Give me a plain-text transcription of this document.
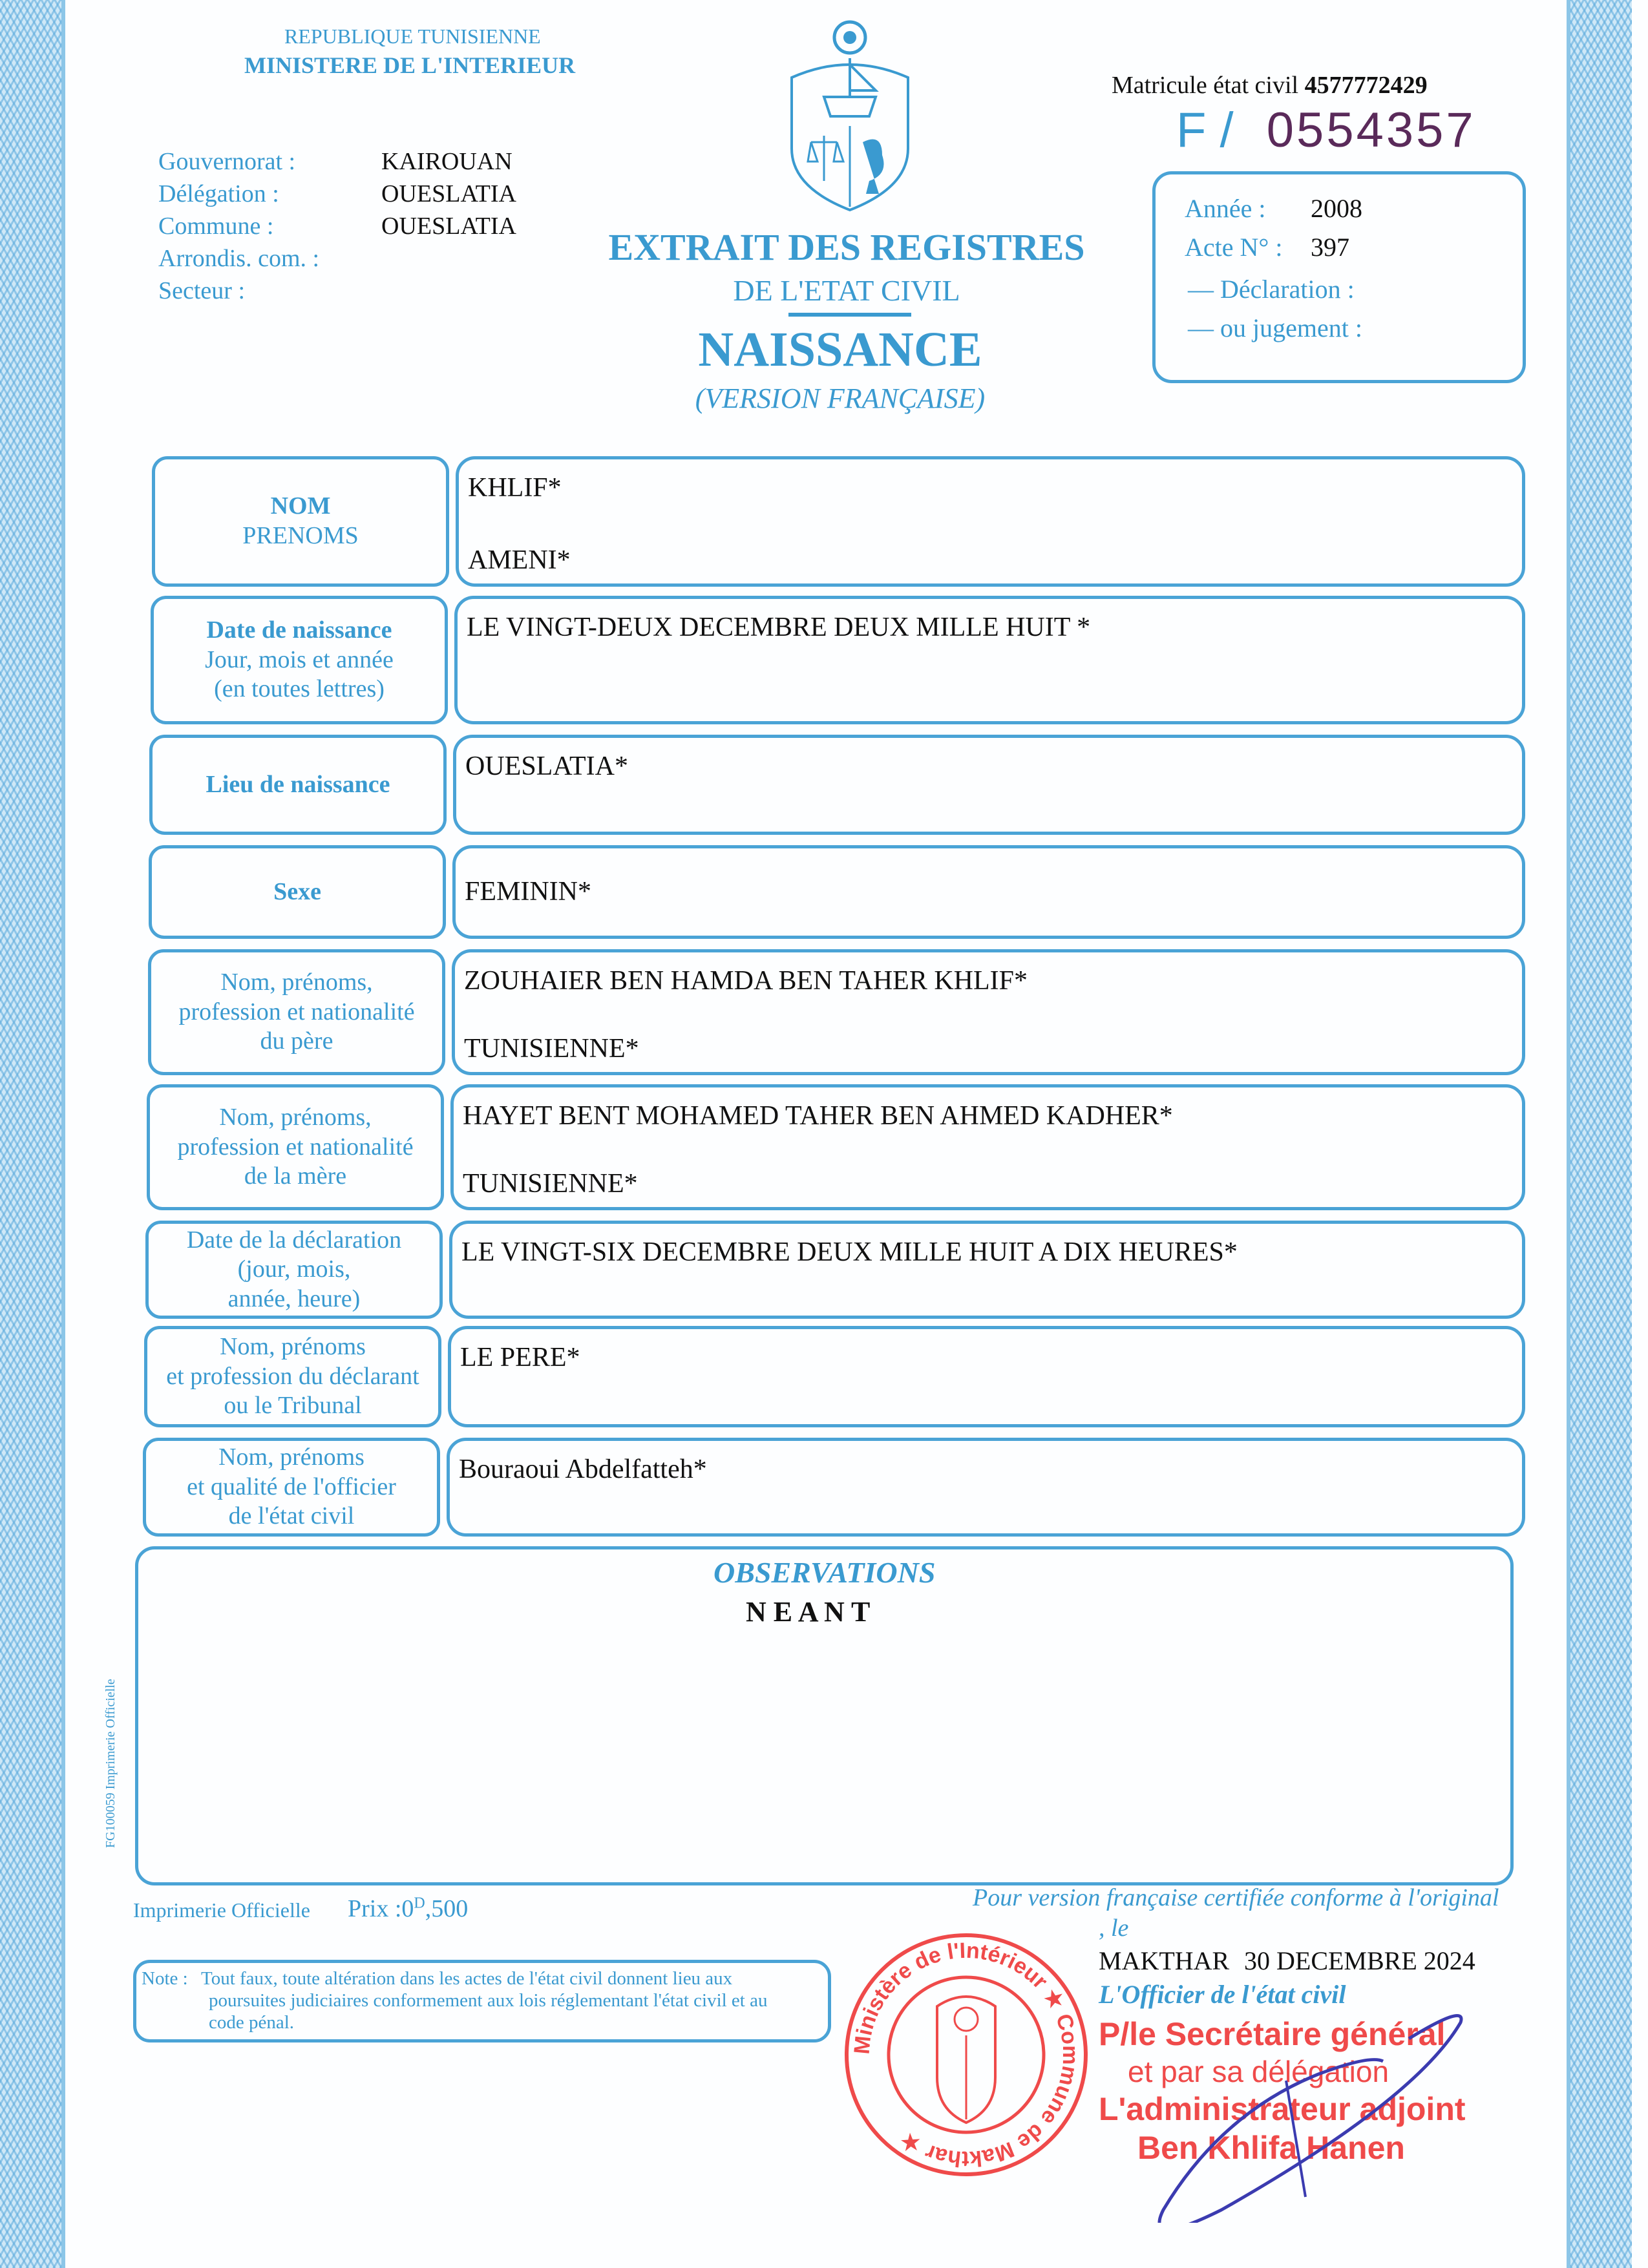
REPUBLIQUE TUNISIENNE
MINISTERE DE L'INTERIEUR
Matricule état civil 4577772429
F / 0554357
Gouvernorat :
Délégation :
Commune :
Arrondis. com. :
Secteur :
KAIROUAN
OUESLATIA
OUESLATIA	EXTRAIT DES REGISTRES
DE L'ETAT CIVIL
NAISSANCE
(VERSION FRANÇAISE)
Année : 2008
Acte N° : 397
— Déclaration :
— ou jugement :
NOM
PRENOMS
KHLIF*
AMENI*
Date de naissance
Jour, mois et année
(en toutes lettres)
LE VINGT-DEUX DECEMBRE DEUX MILLE HUIT *
Lieu de naissance
OUESLATIA*
Sexe	FEMININ*
Nom, prénoms,
profession et nationalité
du père
ZOUHAIER BEN HAMDA BEN TAHER KHLIF*
TUNISIENNE*
Nom, prénoms,
profession et nationalité
de la mère
HAYET BENT MOHAMED TAHER BEN AHMED KADHER*
TUNISIENNE*
Date de la déclaration
(jour, mois,
année, heure)
LE VINGT-SIX DECEMBRE DEUX MILLE HUIT A DIX HEURES*
Nom, prénoms
et profession du déclarant
ou le Tribunal
LE PERE*
Nom, prénoms
et qualité de l'officier
de l'état civil
Bouraoui Abdelfatteh*
OBSERVATIONS
N E A N T
FG100059 Imprimerie Officielle
Imprimerie Officielle Prix $:0^D,500$
Note : Tout faux, toute altération dans les actes de l'état civil donnent lieu aux
poursuites judiciaires conformement aux lois réglementant l'état civil et au
code pénal.
Pour version française certifiée conforme à l'original
, le
Ministère de l'Intérieur ★ Commune de Makthar ★
MAKTHAR 30 DECEMBRE 2024
L'Officier de l'état civil
P/le Secrétaire général
et par sa délégation
L'administrateur adjoint
Ben Khlifa Hanen
